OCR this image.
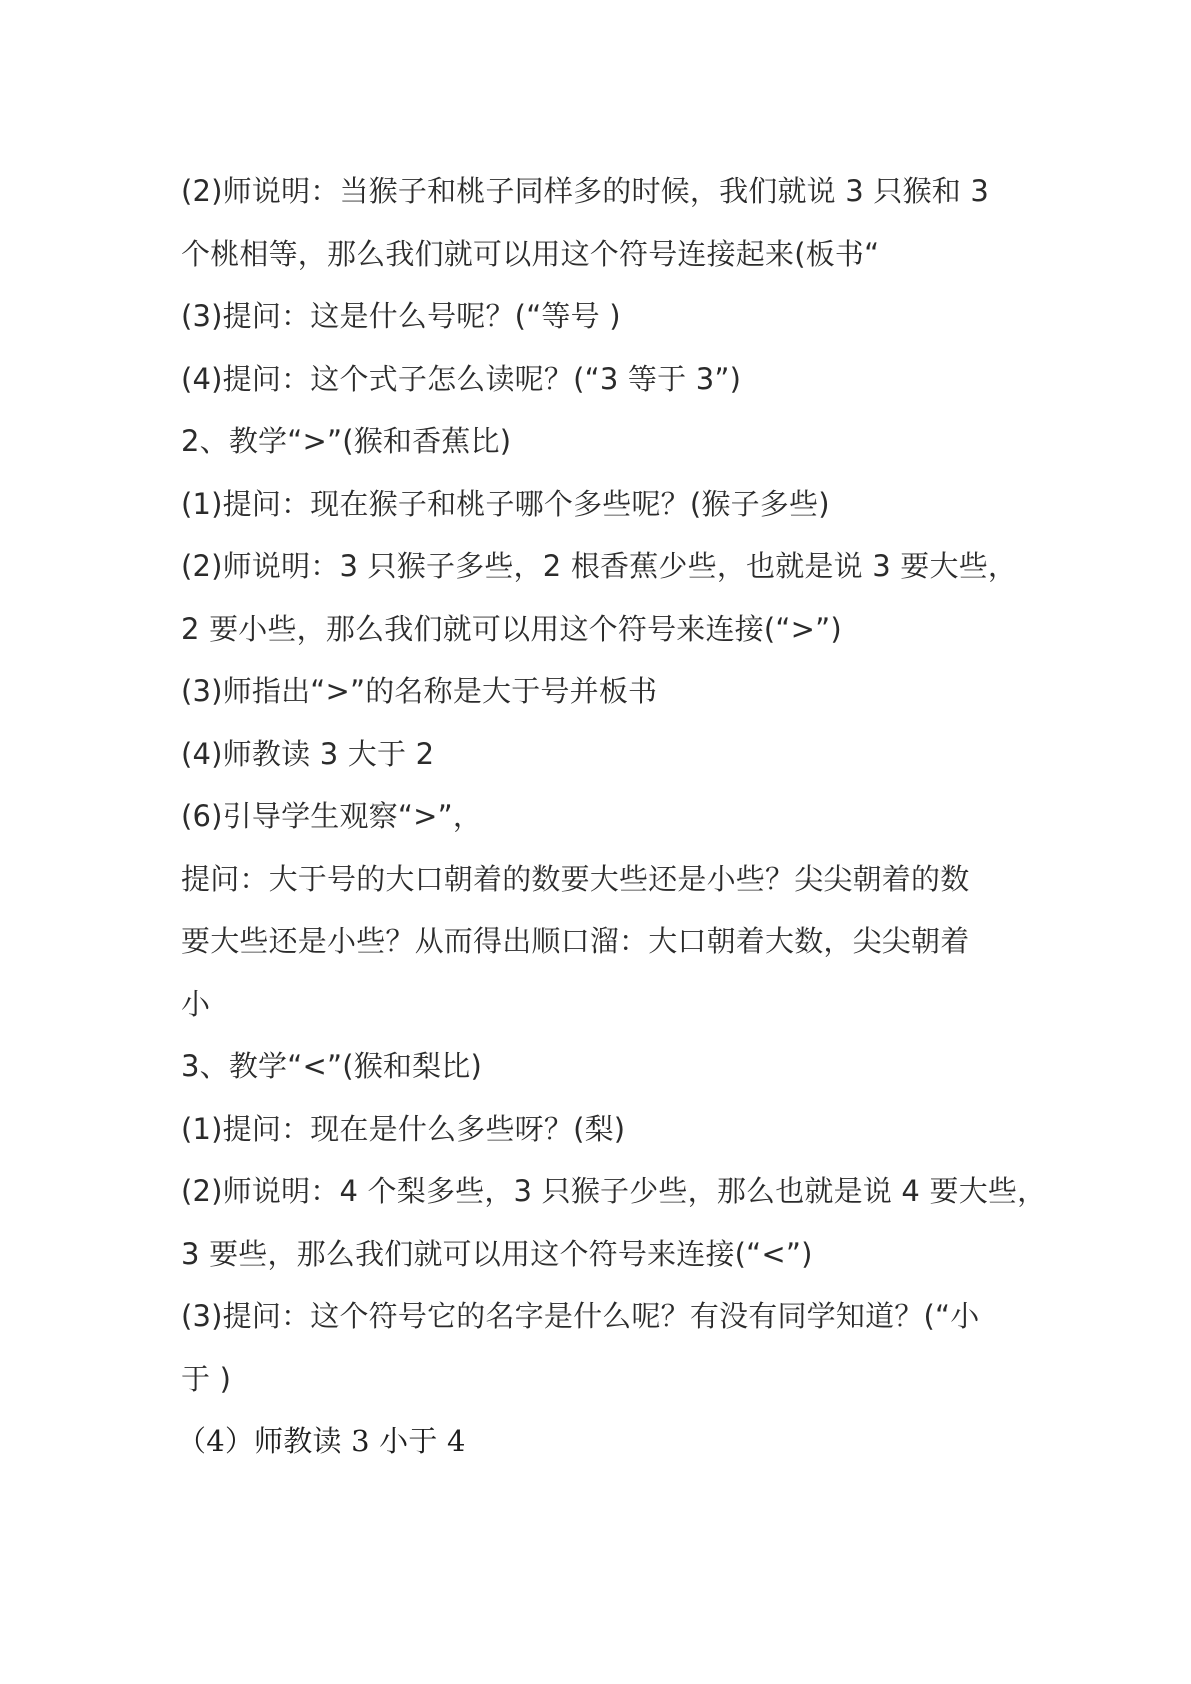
(2)师说明：当猴子和桃子同样多的时候，我们就说 3 只猴和 3
个桃相等，那么我们就可以用这个符号连接起来(板书“
(3)提问：这是什么号呢？(“等号 )
(4)提问：这个式子怎么读呢？(“3 等于 3”)
2、教学“>”(猴和香蕉比)
(1)提问：现在猴子和桃子哪个多些呢？(猴子多些)
(2)师说明：3 只猴子多些，2 根香蕉少些，也就是说 3 要大些，
2 要小些，那么我们就可以用这个符号来连接(“>”)
(3)师指出“>”的名称是大于号并板书
(4)师教读 3 大于 2
(6)引导学生观察“>”，
提问：大于号的大口朝着的数要大些还是小些？尖尖朝着的数
要大些还是小些？从而得出顺口溜：大口朝着大数，尖尖朝着
小
3、教学“<”(猴和梨比)
(1)提问：现在是什么多些呀？(梨)
(2)师说明：4 个梨多些，3 只猴子少些，那么也就是说 4 要大些，
3 要些，那么我们就可以用这个符号来连接(“<”)
(3)提问：这个符号它的名字是什么呢？有没有同学知道？(“小
于 )
（4）师教读 3 小于 4
